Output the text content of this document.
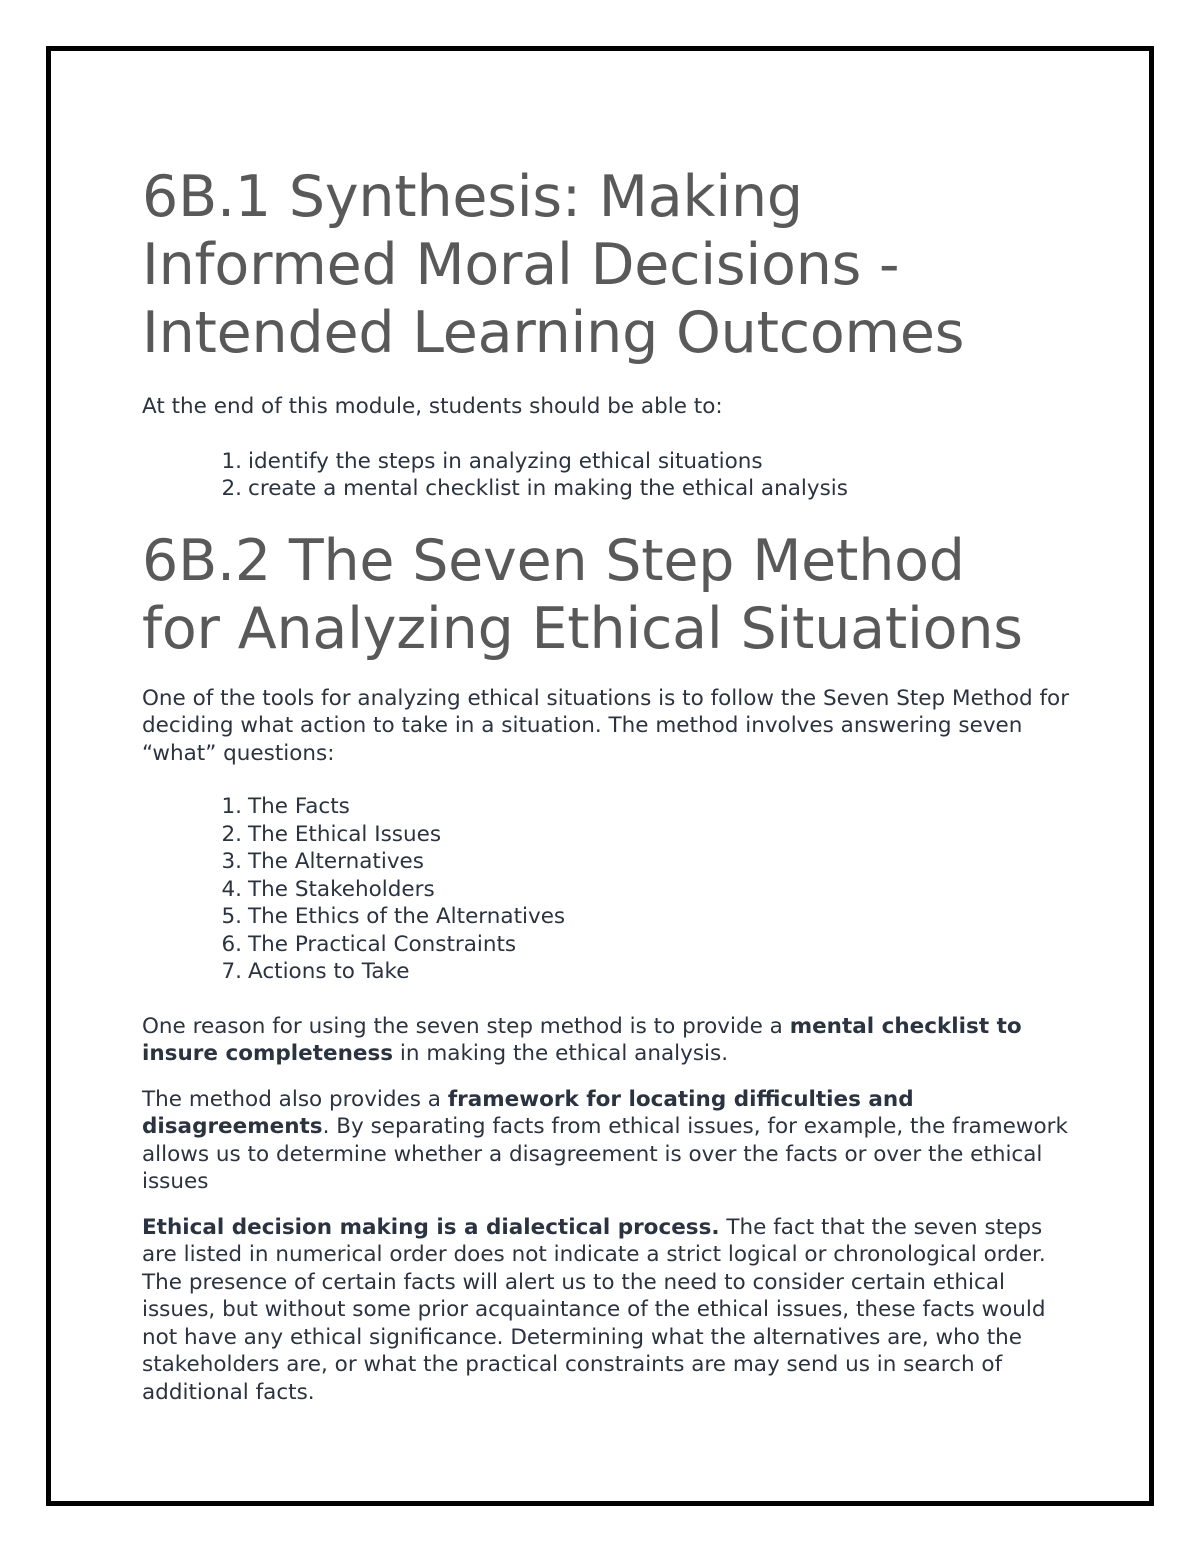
6B.1 Synthesis: Making
Informed Moral Decisions -
Intended Learning Outcomes

At the end of this module, students should be able to:

1. identify the steps in analyzing ethical situations
2. create a mental checklist in making the ethical analysis
6B.2 The Seven Step Method
for Analyzing Ethical Situations

One of the tools for analyzing ethical situations is to follow the Seven Step Method for deciding what action to take in a situation. The method involves answering seven “what” questions:

1. The Facts
2. The Ethical Issues
3. The Alternatives
4. The Stakeholders
5. The Ethics of the Alternatives
6. The Practical Constraints
7. Actions to Take

One reason for using the seven step method is to provide a mental checklist to insure completeness in making the ethical analysis.

The method also provides a framework for locating difficulties and disagreements. By separating facts from ethical issues, for example, the framework allows us to determine whether a disagreement is over the facts or over the ethical issues

Ethical decision making is a dialectical process. The fact that the seven steps are listed in numerical order does not indicate a strict logical or chronological order. The presence of certain facts will alert us to the need to consider certain ethical issues, but without some prior acquaintance of the ethical issues, these facts would not have any ethical significance. Determining what the alternatives are, who the stakeholders are, or what the practical constraints are may send us in search of additional facts.
